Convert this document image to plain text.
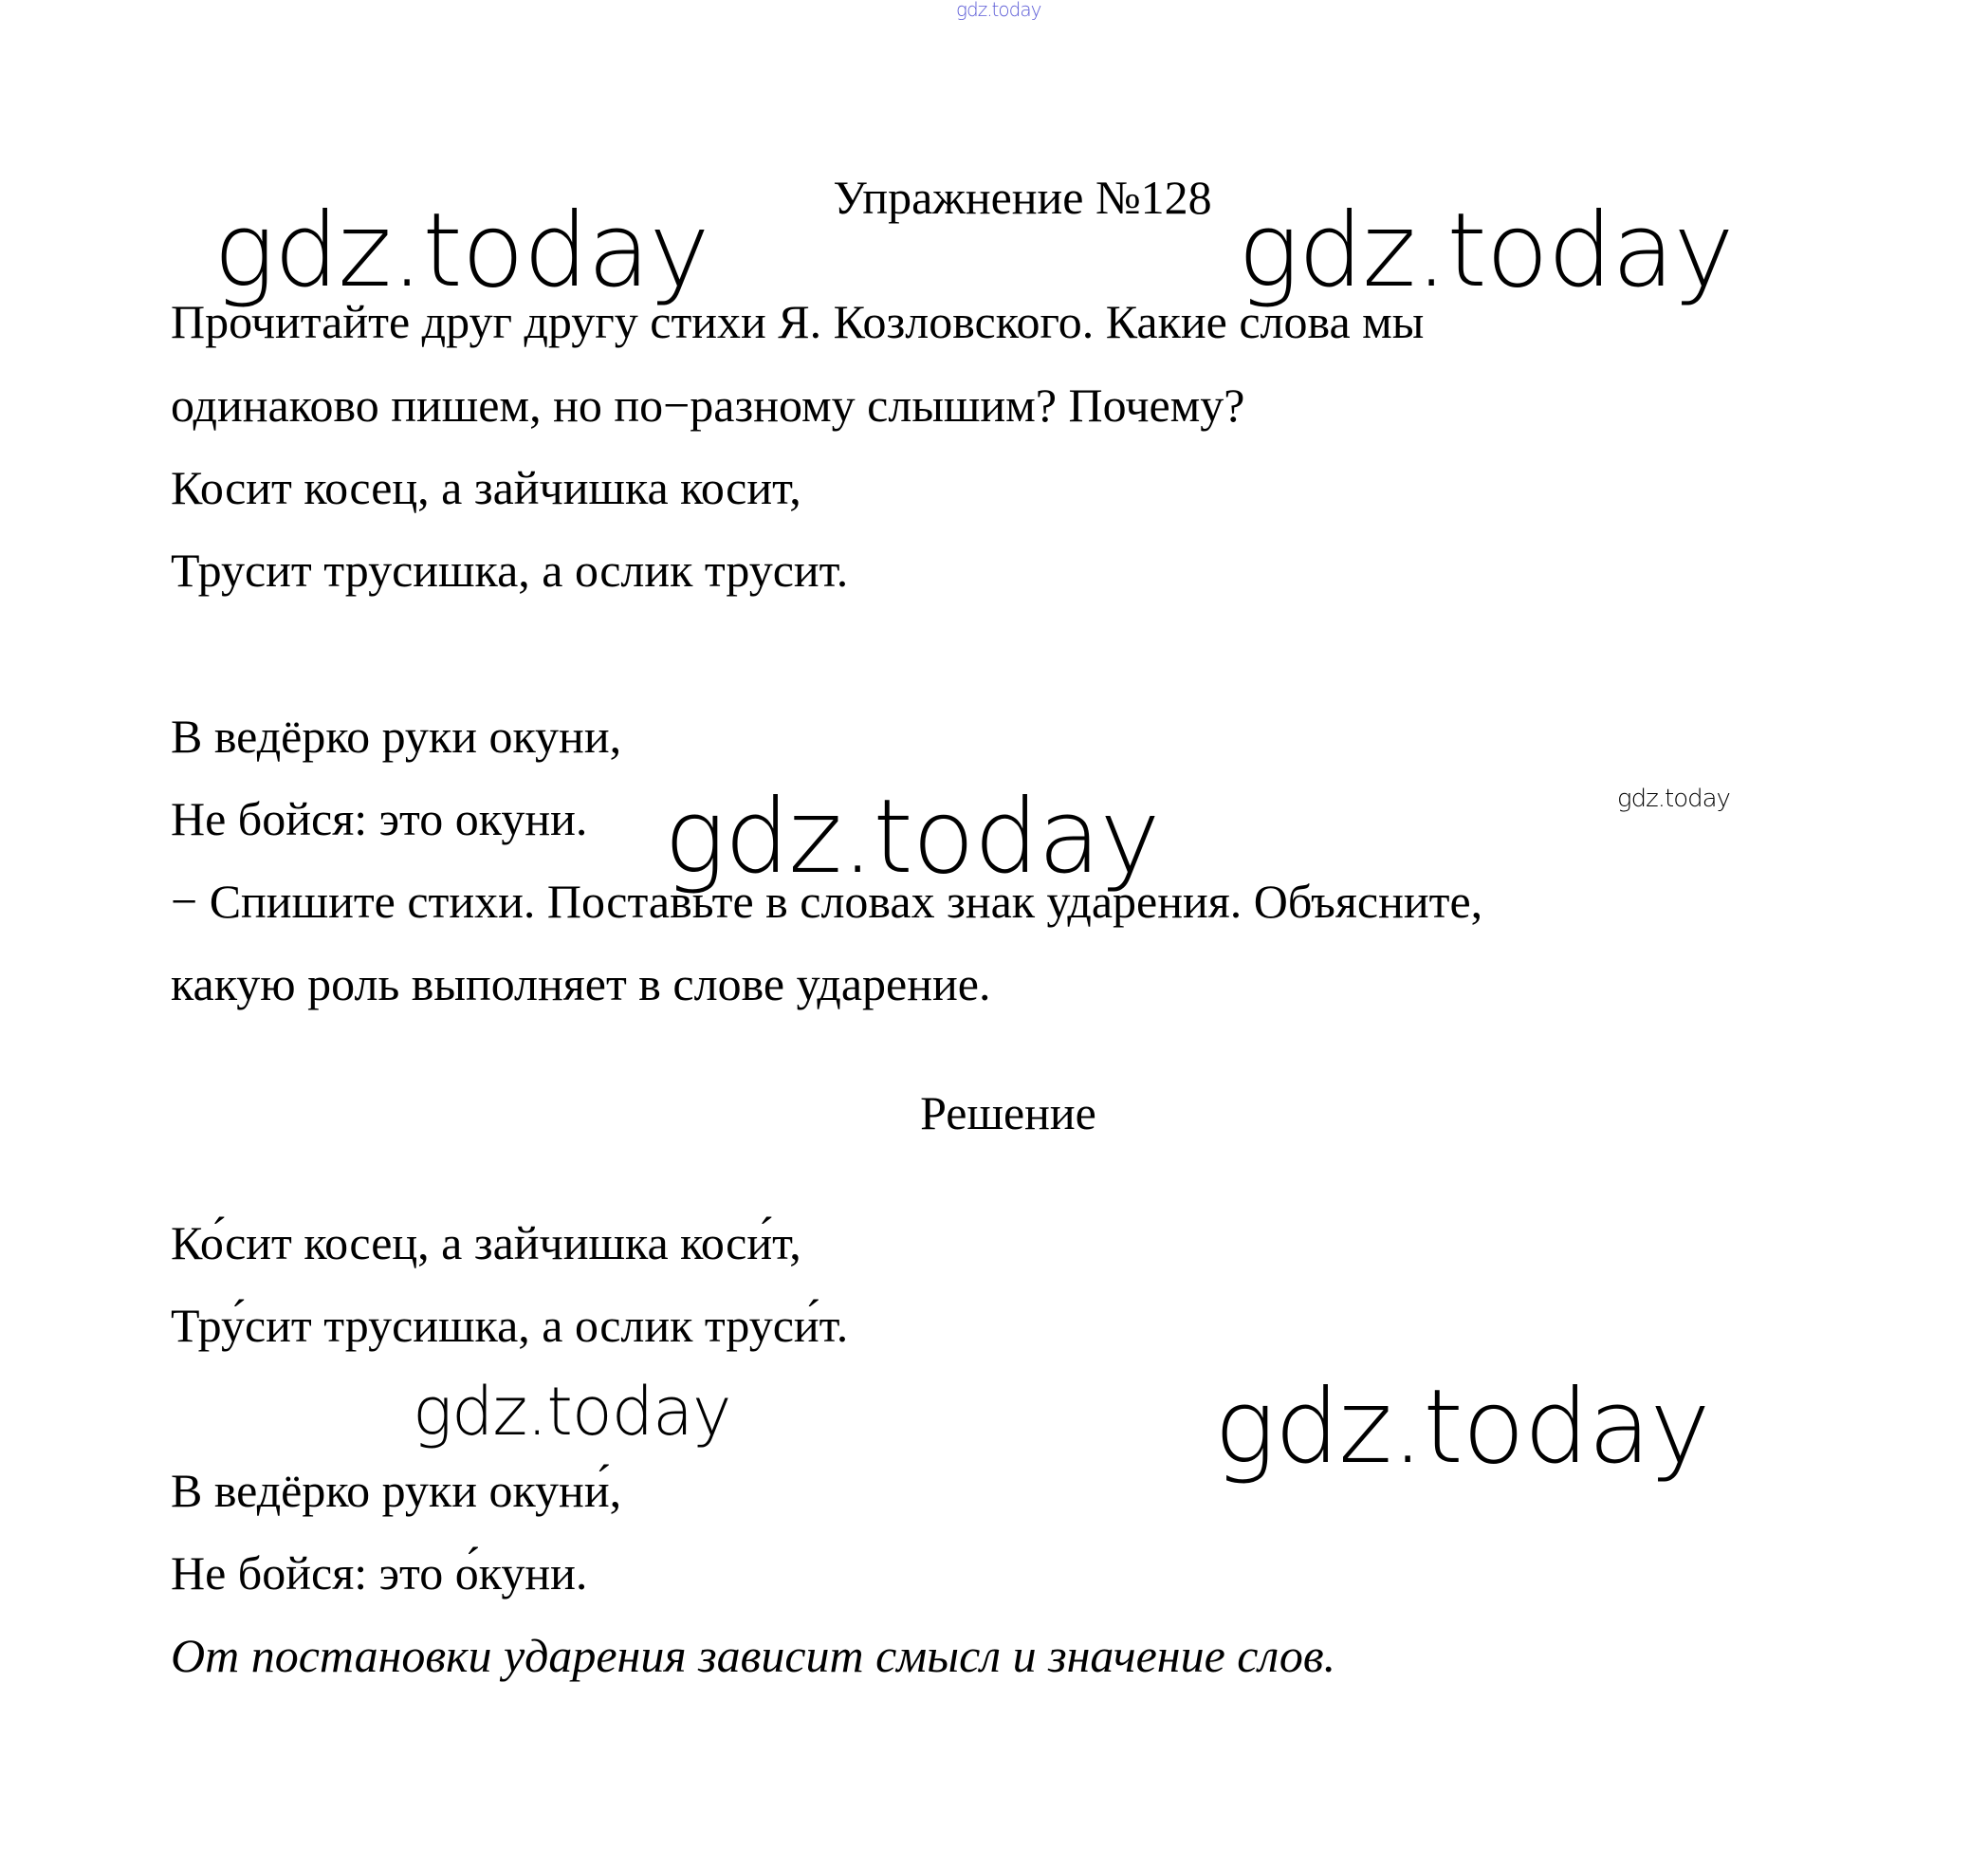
gdz.today
Упражнение №128
gdz.today	gdz.today

Прочитайте друг другу стихи Я. Козловского. Какие слова мы

одинаково пишем, но по−разному слышим? Почему?

Косит косец, а зайчишка косит,

Трусит трусишка, а ослик трусит.

В ведёрко руки окуни,

Не бойся: это окуни.	gdz.today
gdz.today

− Спишите стихи. Поставьте в словах знак ударения. Объясните,

какую роль выполняет в слове ударение.

Решение

Ко́сит косец, а зайчишка коси́т,

Тру́сит трусишка, а ослик труси́т.

gdz.today	gdz.today

В ведёрко руки окуни́,

Не бойся: это о́куни.

От постановки ударения зависит смысл и значение слов.
